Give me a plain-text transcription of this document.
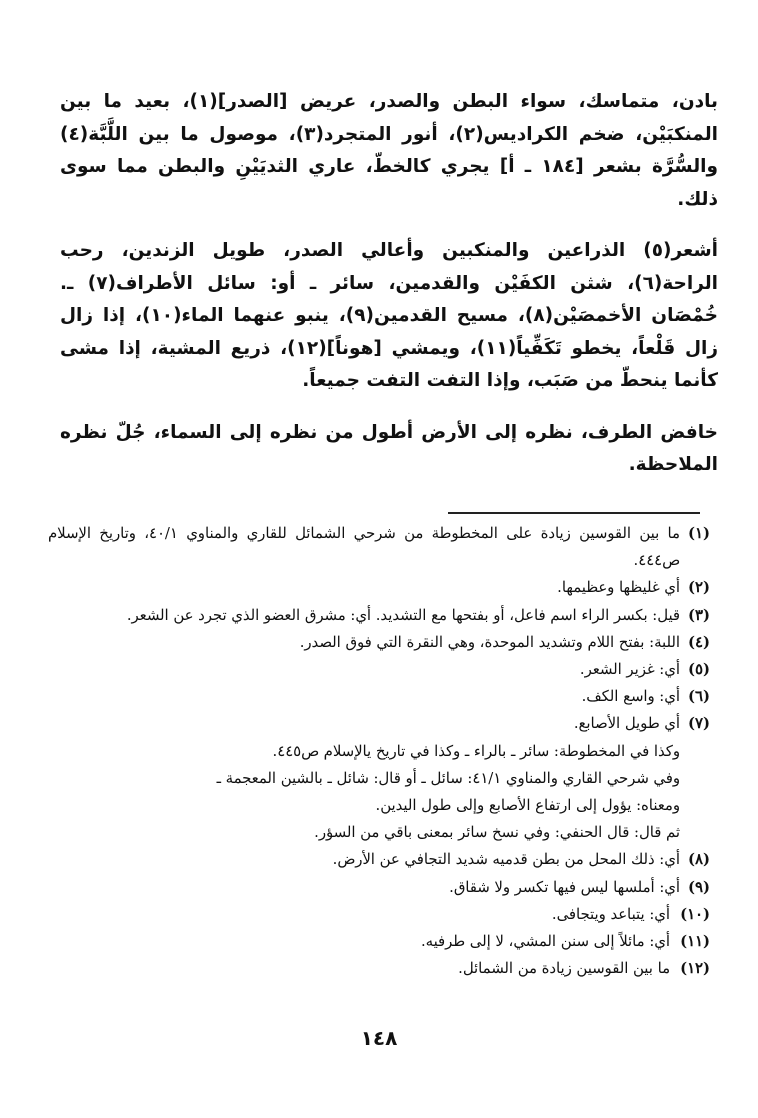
بادن، متماسك، سواء البطن والصدر، عريض [الصدر](١)، بعيد ما بين المنكبَيْن، ضخم الكراديس(٢)، أنور المتجرد(٣)، موصول ما بين اللَّبَّة(٤) والسُّرَّة بشعر [١٨٤ ـ أ] يجري كالخطّ، عاري الثديَيْنِ والبطن مما سوى ذلك.

أشعر(٥) الذراعين والمنكبين وأعالي الصدر، طويل الزندين، رحب الراحة(٦)، شثن الكفَيْن والقدمين، سائر ـ أو: سائل الأطراف(٧) ـ. خُمْصَان الأخمصَيْن(٨)، مسيح القدمين(٩)، ينبو عنهما الماء(١٠)، إذا زال زال قَلْعاً، يخطو تَكَفِّياً(١١)، ويمشي [هوناً](١٢)، ذريع المشية، إذا مشى كأنما ينحطّ من صَبَب، وإذا التفت التفت جميعاً.

خافض الطرف، نظره إلى الأرض أطول من نظره إلى السماء، جُلّ نظره الملاحظة.

(١)
ما بين القوسين زيادة على المخطوطة من شرحي الشمائل للقاري والمناوي ٤٠/١، وتاريخ الإسلام ص٤٤٤.
(٢)
أي غليظها وعظيمها.
(٣)
قيل: بكسر الراء اسم فاعل، أو بفتحها مع التشديد. أي: مشرق العضو الذي تجرد عن الشعر.
(٤)
اللبة: بفتح اللام وتشديد الموحدة، وهي النقرة التي فوق الصدر.
(٥)
أي: غزير الشعر.
(٦)
أي: واسع الكف.
(٧)
أي طويل الأصابع.
وكذا في المخطوطة: سائر ـ بالراء ـ وكذا في تاريخ يالإسلام ص٤٤٥.
وفي شرحي القاري والمناوي ٤١/١: سائل ـ أو قال: شائل ـ بالشين المعجمة ـ
ومعناه: يؤول إلى ارتفاع الأصابع وإلى طول اليدين.
ثم قال: قال الحنفي: وفي نسخ سائر بمعنى باقي من السؤر.
(٨)
أي: ذلك المحل من بطن قدميه شديد التجافي عن الأرض.
(٩)
أي: أملسها ليس فيها تكسر ولا شقاق.
(١٠)
أي: يتباعد ويتجافى.
(١١)
أي: مائلاً إلى سنن المشي، لا إلى طرفيه.
(١٢)
ما بين القوسين زيادة من الشمائل.
١٤٨
